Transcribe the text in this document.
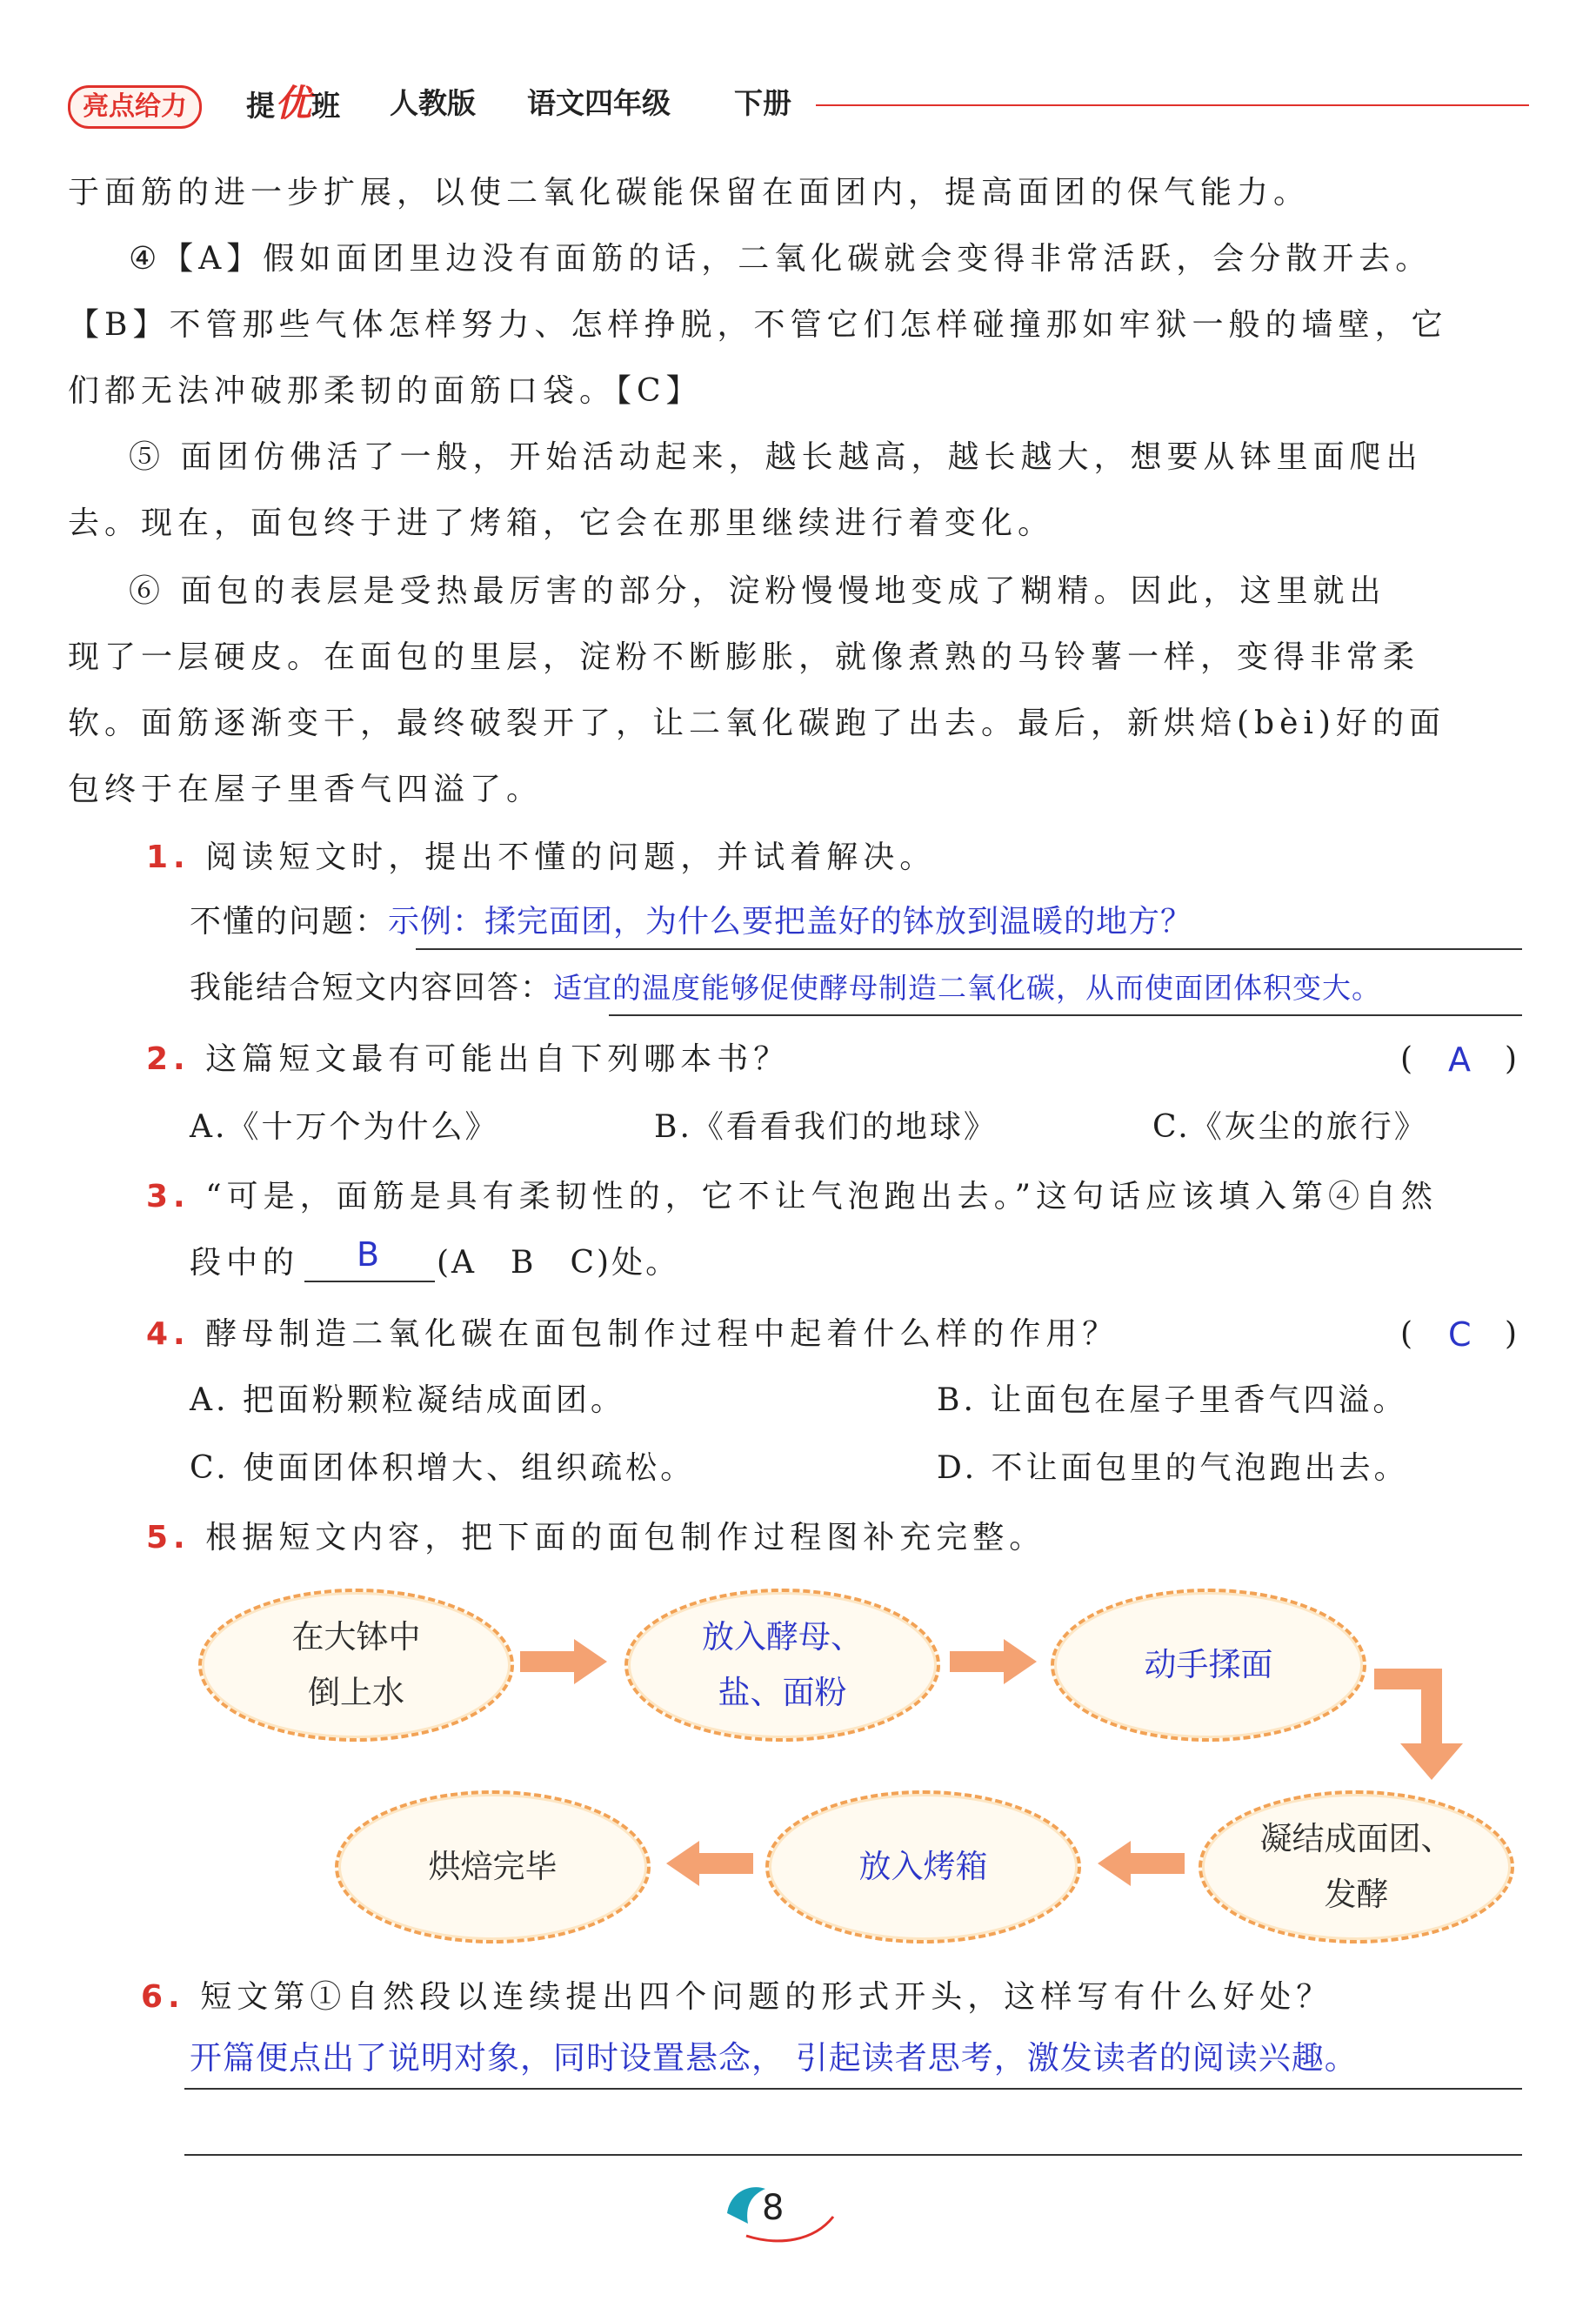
亮点给力	提优班 人教版 语文四年级 下册
于面筋的进一步扩展，以使二氧化碳能保留在面团内，提高面团的保气能力。
④【A】假如面团里边没有面筋的话，二氧化碳就会变得非常活跃，会分散开去。
【B】不管那些气体怎样努力、怎样挣脱，不管它们怎样碰撞那如牢狱一般的墙壁，它
们都无法冲破那柔韧的面筋口袋。【C】
⑤ 面团仿佛活了一般，开始活动起来，越长越高，越长越大，想要从钵里面爬出
去。现在，面包终于进了烤箱，它会在那里继续进行着变化。
⑥ 面包的表层是受热最厉害的部分，淀粉慢慢地变成了糊精。因此，这里就出
现了一层硬皮。在面包的里层，淀粉不断膨胀，就像煮熟的马铃薯一样，变得非常柔
软。面筋逐渐变干，最终破裂开了，让二氧化碳跑了出去。最后，新烘焙(bèi)好的面
包终于在屋子里香气四溢了。
1. 阅读短文时，提出不懂的问题，并试着解决。
不懂的问题：示例：揉完面团，为什么要把盖好的钵放到温暖的地方？
我能结合短文内容回答：适宜的温度能够促使酵母制造二氧化碳，从而使面团体积变大。
2. 这篇短文最有可能出自下列哪本书？	( A )
A.《十万个为什么》	B.《看看我们的地球》	C.《灰尘的旅行》
3. “可是，面筋是具有柔韧性的，它不让气泡跑出去。”这句话应该填入第④自然
段中的 B (A　B　C)处。
4. 酵母制造二氧化碳在面包制作过程中起着什么样的作用？	( C )
A. 把面粉颗粒凝结成面团。	B. 让面包在屋子里香气四溢。
C. 使面团体积增大、组织疏松。	D. 不让面包里的气泡跑出去。
5. 根据短文内容，把下面的面包制作过程图补充完整。
在大钵中
倒上水
放入酵母、
盐、面粉
动手揉面
凝结成面团、
发酵
放入烤箱
烘焙完毕
6. 短文第①自然段以连续提出四个问题的形式开头，这样写有什么好处？
开篇便点出了说明对象，同时设置悬念， 引起读者思考，激发读者的阅读兴趣。
8
